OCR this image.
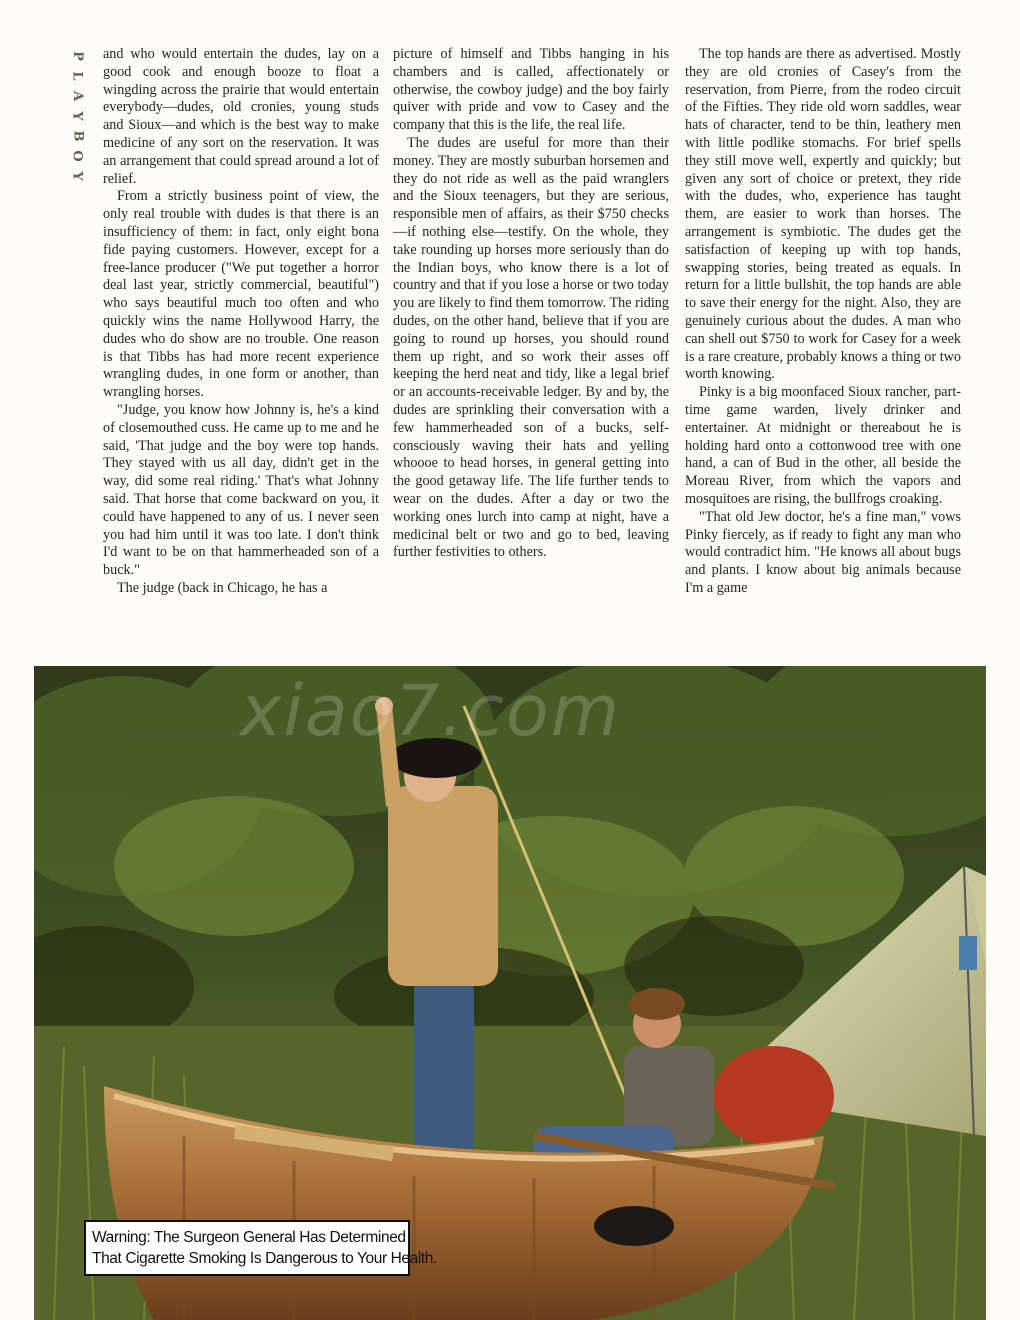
P
L
A
Y
B
O
Y

and who would entertain the dudes, lay on a good cook and enough booze to float a wingding across the prairie that would entertain everybody—dudes, old cronies, young studs and Sioux—and which is the best way to make medicine of any sort on the reservation. It was an arrangement that could spread around a lot of relief.

From a strictly business point of view, the only real trouble with dudes is that there is an insufficiency of them: in fact, only eight bona fide paying customers. However, except for a free-lance producer ("We put together a horror deal last year, strictly commercial, beautiful") who says beautiful much too often and who quickly wins the name Hollywood Harry, the dudes who do show are no trouble. One reason is that Tibbs has had more recent experience wrangling dudes, in one form or another, than wrangling horses.

"Judge, you know how Johnny is, he's a kind of closemouthed cuss. He came up to me and he said, 'That judge and the boy were top hands. They stayed with us all day, didn't get in the way, did some real riding.' That's what Johnny said. That horse that come backward on you, it could have happened to any of us. I never seen you had him until it was too late. I don't think I'd want to be on that hammerheaded son of a buck."

The judge (back in Chicago, he has a

picture of himself and Tibbs hanging in his chambers and is called, affectionately or otherwise, the cowboy judge) and the boy fairly quiver with pride and vow to Casey and the company that this is the life, the real life.

The dudes are useful for more than their money. They are mostly suburban horsemen and they do not ride as well as the paid wranglers and the Sioux teenagers, but they are serious, responsible men of affairs, as their $750 checks—if nothing else—testify. On the whole, they take rounding up horses more seriously than do the Indian boys, who know there is a lot of country and that if you lose a horse or two today you are likely to find them tomorrow. The riding dudes, on the other hand, believe that if you are going to round up horses, you should round them up right, and so work their asses off keeping the herd neat and tidy, like a legal brief or an accounts-receivable ledger. By and by, the dudes are sprinkling their conversation with a few hammerheaded son of a bucks, self-consciously waving their hats and yelling whoooe to head horses, in general getting into the good getaway life. The life further tends to wear on the dudes. After a day or two the working ones lurch into camp at night, have a medicinal belt or two and go to bed, leaving further festivities to others.

The top hands are there as advertised. Mostly they are old cronies of Casey's from the reservation, from Pierre, from the rodeo circuit of the Fifties. They ride old worn saddles, wear hats of character, tend to be thin, leathery men with little podlike stomachs. For brief spells they still move well, expertly and quickly; but given any sort of choice or pretext, they ride with the dudes, who, experience has taught them, are easier to work than horses. The arrangement is symbiotic. The dudes get the satisfaction of keeping up with top hands, swapping stories, being treated as equals. In return for a little bullshit, the top hands are able to save their energy for the night. Also, they are genuinely curious about the dudes. A man who can shell out $750 to work for Casey for a week is a rare creature, probably knows a thing or two worth knowing.

Pinky is a big moonfaced Sioux rancher, part-time game warden, lively drinker and entertainer. At midnight or thereabout he is holding hard onto a cottonwood tree with one hand, a can of Bud in the other, all beside the Moreau River, from which the vapors and mosquitoes are rising, the bullfrogs croaking.

"That old Jew doctor, he's a fine man," vows Pinky fiercely, as if ready to fight any man who would contradict him. "He knows all about bugs and plants. I know about big animals because I'm a game

Warning: The Surgeon General Has Determined
That Cigarette Smoking Is Dangerous to Your Health.
